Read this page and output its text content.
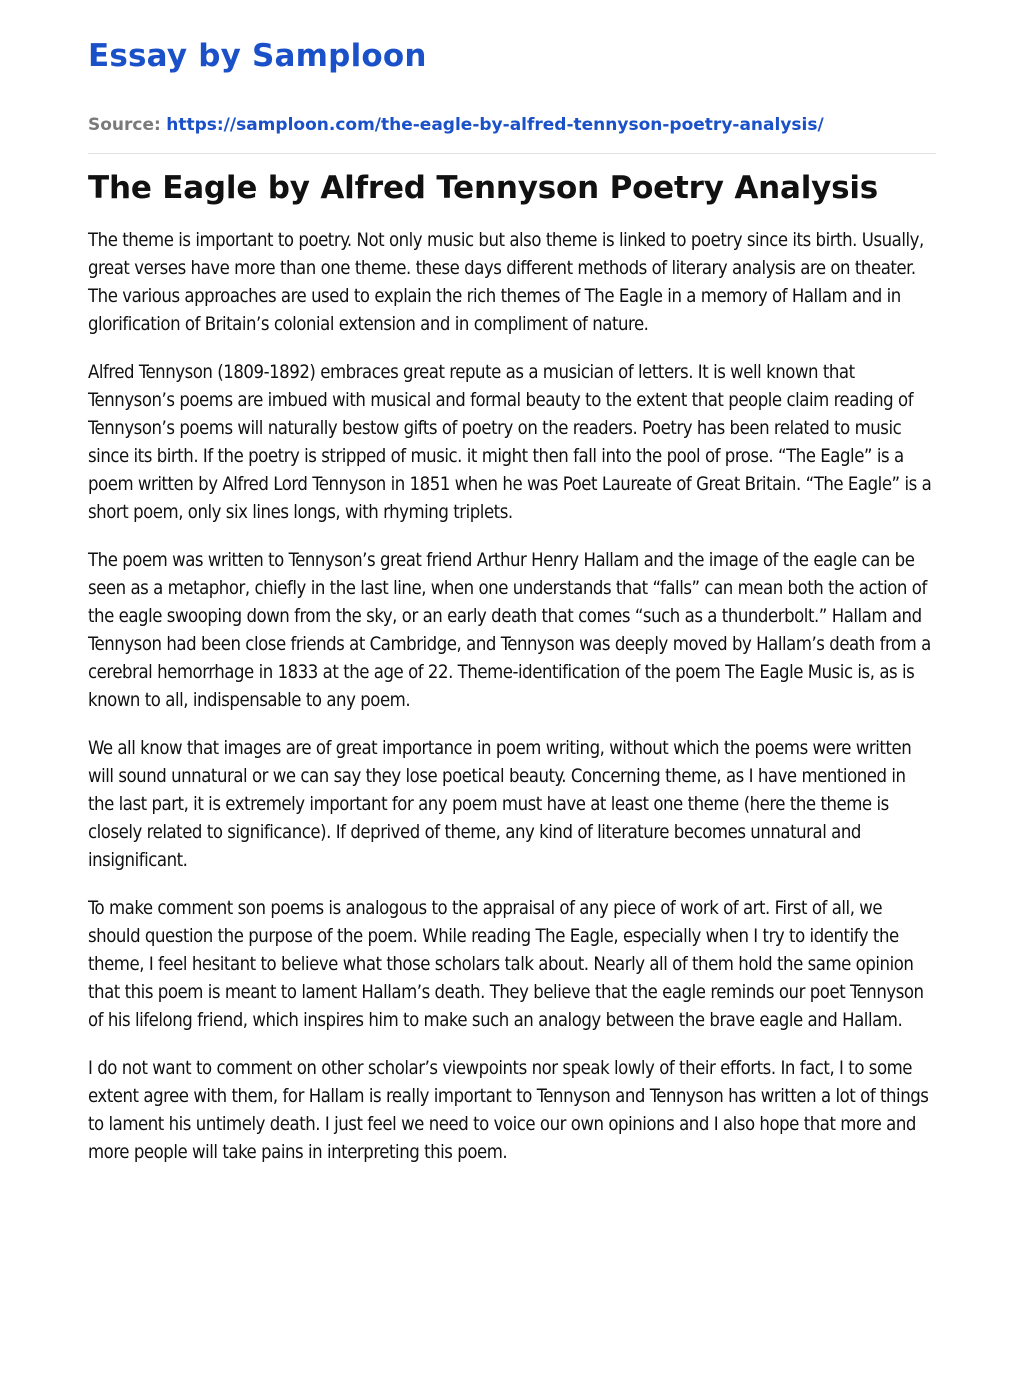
Essay by Samploon
Source: https://samploon.com/the-eagle-by-alfred-tennyson-poetry-analysis/
The Eagle by Alfred Tennyson Poetry Analysis

The theme is important to poetry. Not only music but also theme is linked to poetry since its birth. Usually, great verses have more than one theme. these days different methods of literary analysis are on theater. The various approaches are used to explain the rich themes of The Eagle in a memory of Hallam and in glorification of Britain’s colonial extension and in compliment of nature.

Alfred Tennyson (1809-1892) embraces great repute as a musician of letters. It is well known that Tennyson’s poems are imbued with musical and formal beauty to the extent that people claim reading of Tennyson’s poems will naturally bestow gifts of poetry on the readers. Poetry has been related to music since its birth. If the poetry is stripped of music. it might then fall into the pool of prose. “The Eagle” is a poem written by Alfred Lord Tennyson in 1851 when he was Poet Laureate of Great Britain. “The Eagle” is a short poem, only six lines longs, with rhyming triplets.

The poem was written to Tennyson’s great friend Arthur Henry Hallam and the image of the eagle can be seen as a metaphor, chiefly in the last line, when one understands that “falls” can mean both the action of the eagle swooping down from the sky, or an early death that comes “such as a thunderbolt.” Hallam and Tennyson had been close friends at Cambridge, and Tennyson was deeply moved by Hallam’s death from a cerebral hemorrhage in 1833 at the age of 22. Theme-identification of the poem The Eagle Music is, as is known to all, indispensable to any poem.

We all know that images are of great importance in poem writing, without which the poems were written will sound unnatural or we can say they lose poetical beauty. Concerning theme, as I have mentioned in the last part, it is extremely important for any poem must have at least one theme (here the theme is closely related to significance). If deprived of theme, any kind of literature becomes unnatural and insignificant.

To make comment son poems is analogous to the appraisal of any piece of work of art. First of all, we should question the purpose of the poem. While reading The Eagle, especially when I try to identify the theme, I feel hesitant to believe what those scholars talk about. Nearly all of them hold the same opinion that this poem is meant to lament Hallam’s death. They believe that the eagle reminds our poet Tennyson of his lifelong friend, which inspires him to make such an analogy between the brave eagle and Hallam.

I do not want to comment on other scholar’s viewpoints nor speak lowly of their efforts. In fact, I to some extent agree with them, for Hallam is really important to Tennyson and Tennyson has written a lot of things to lament his untimely death. I just feel we need to voice our own opinions and I also hope that more and more people will take pains in interpreting this poem.
